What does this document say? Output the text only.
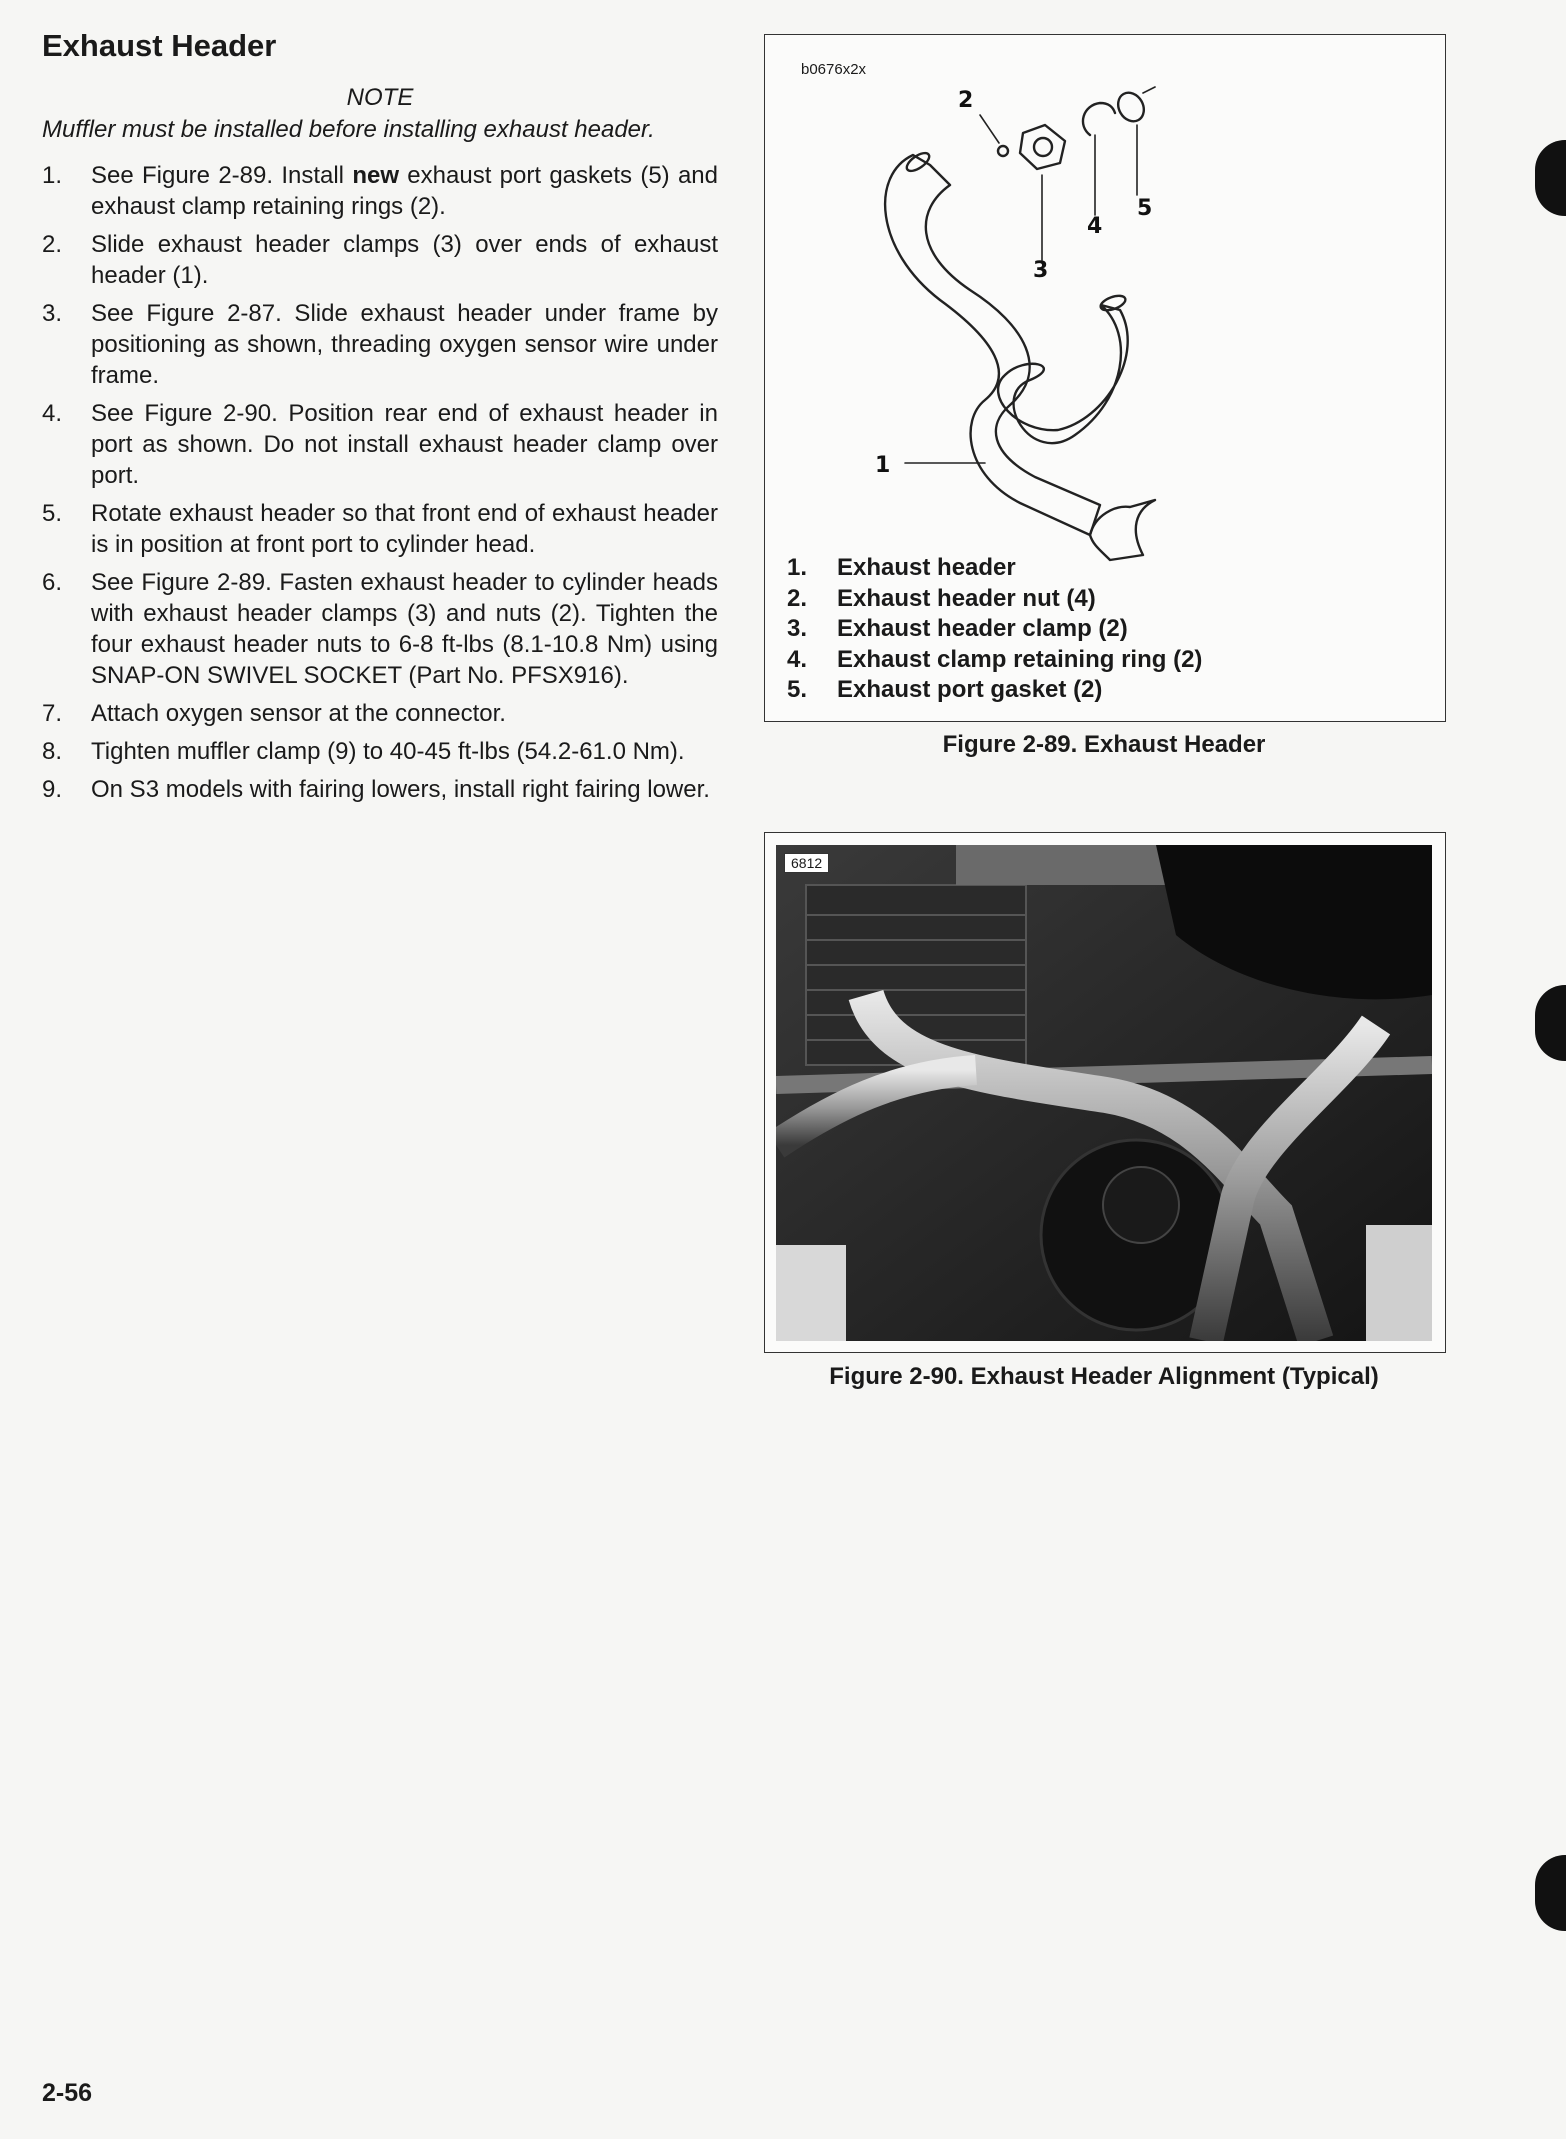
Exhaust Header
NOTE
Muffler must be installed before installing exhaust header.
1.	See Figure 2-89. Install new exhaust port gaskets (5) and exhaust clamp retaining rings (2).
2.	Slide exhaust header clamps (3) over ends of exhaust header (1).
3.	See Figure 2-87. Slide exhaust header under frame by positioning as shown, threading oxygen sensor wire under frame.
4.	See Figure 2-90. Position rear end of exhaust header in port as shown. Do not install exhaust header clamp over port.
5.	Rotate exhaust header so that front end of exhaust header is in position at front port to cylinder head.
6.	See Figure 2-89. Fasten exhaust header to cylinder heads with exhaust header clamps (3) and nuts (2). Tighten the four exhaust header nuts to 6-8 ft-lbs (8.1-10.8 Nm) using SNAP-ON SWIVEL SOCKET (Part No. PFSX916).
7.	Attach oxygen sensor at the connector.
8.	Tighten muffler clamp (9) to 40-45 ft-lbs (54.2-61.0 Nm).
9.	On S3 models with fairing lowers, install right fairing lower.
2
3
4
5
1
b0676x2x
1.	Exhaust header
2.	Exhaust header nut (4)
3.	Exhaust header clamp (2)
4.	Exhaust clamp retaining ring (2)
5.	Exhaust port gasket (2)
Figure 2-89. Exhaust Header
6812
Figure 2-90. Exhaust Header Alignment (Typical)
2-56
